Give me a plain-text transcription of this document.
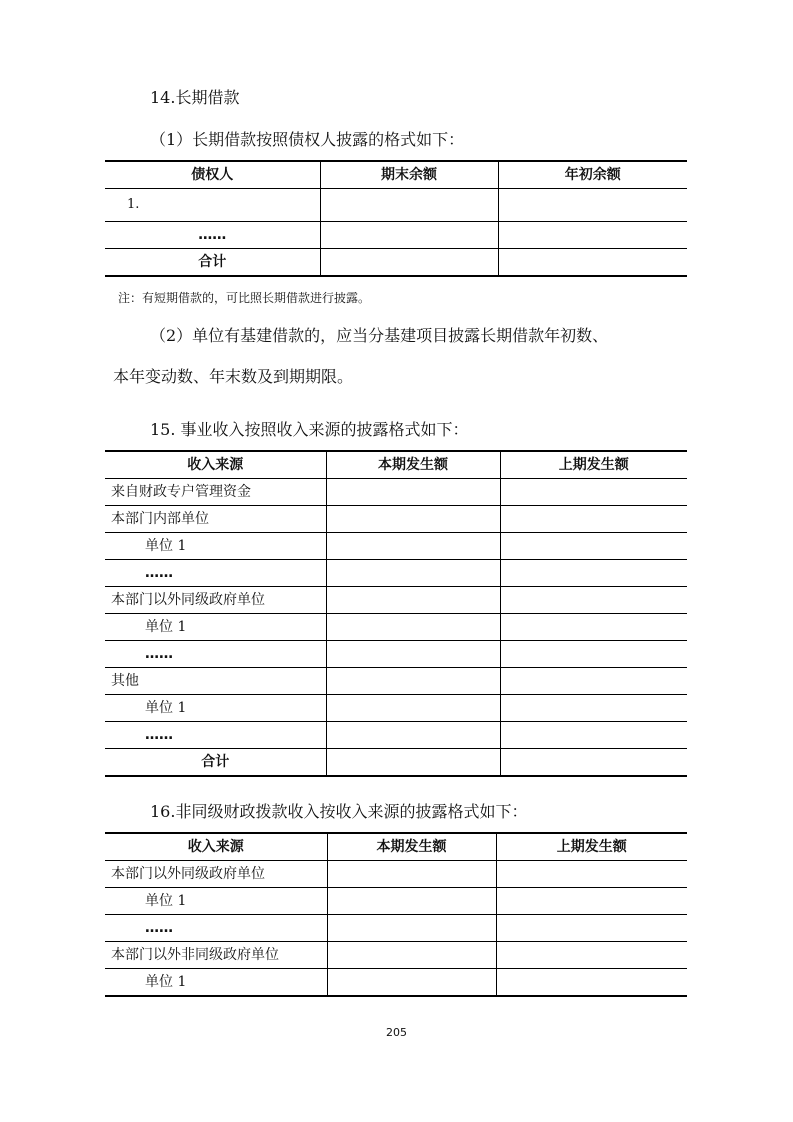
14.长期借款
（1）长期借款按照债权人披露的格式如下：
债权人	期末余额	年初余额
1.		
……		
合计		
注：有短期借款的，可比照长期借款进行披露。
（2）单位有基建借款的，应当分基建项目披露长期借款年初数、
本年变动数、年末数及到期期限。
15. 事业收入按照收入来源的披露格式如下：
收入来源	本期发生额	上期发生额
来自财政专户管理资金		
本部门内部单位		
单位 1		
……		
本部门以外同级政府单位		
单位 1		
……		
其他		
单位 1		
……		
合计		
16.非同级财政拨款收入按收入来源的披露格式如下：
收入来源	本期发生额	上期发生额
本部门以外同级政府单位		
单位 1		
……		
本部门以外非同级政府单位		
单位 1		
205
